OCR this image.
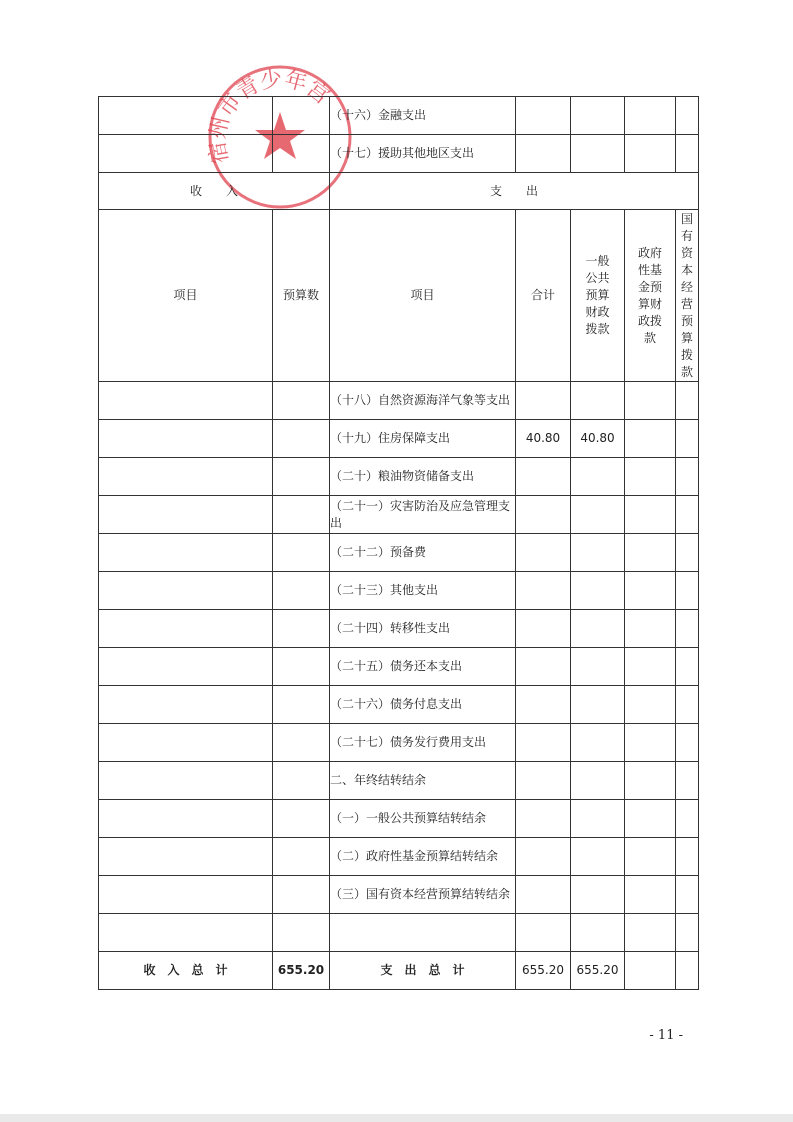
宿州市青少年宫
		（十六）金融支出				
		（十七）援助其他地区支出				
收　　入		支　　出				
项目	预算数	项目	合计	一般公共预算财政拨款	政府性基金预算财政拨款	国有资本经营预算拨款
		（十八）自然资源海洋气象等支出				
		（十九）住房保障支出	40.80	40.80		
		（二十）粮油物资储备支出				
		（二十一）灾害防治及应急管理支出				
		（二十二）预备费				
		（二十三）其他支出				
		（二十四）转移性支出				
		（二十五）债务还本支出				
		（二十六）债务付息支出				
		（二十七）债务发行费用支出				
		二、年终结转结余				
		（一）一般公共预算结转结余				
		（二）政府性基金预算结转结余				
		（三）国有资本经营预算结转结余				

收　入　总　计	655.20	支　出　总　计	655.20	655.20		
- 11 -
